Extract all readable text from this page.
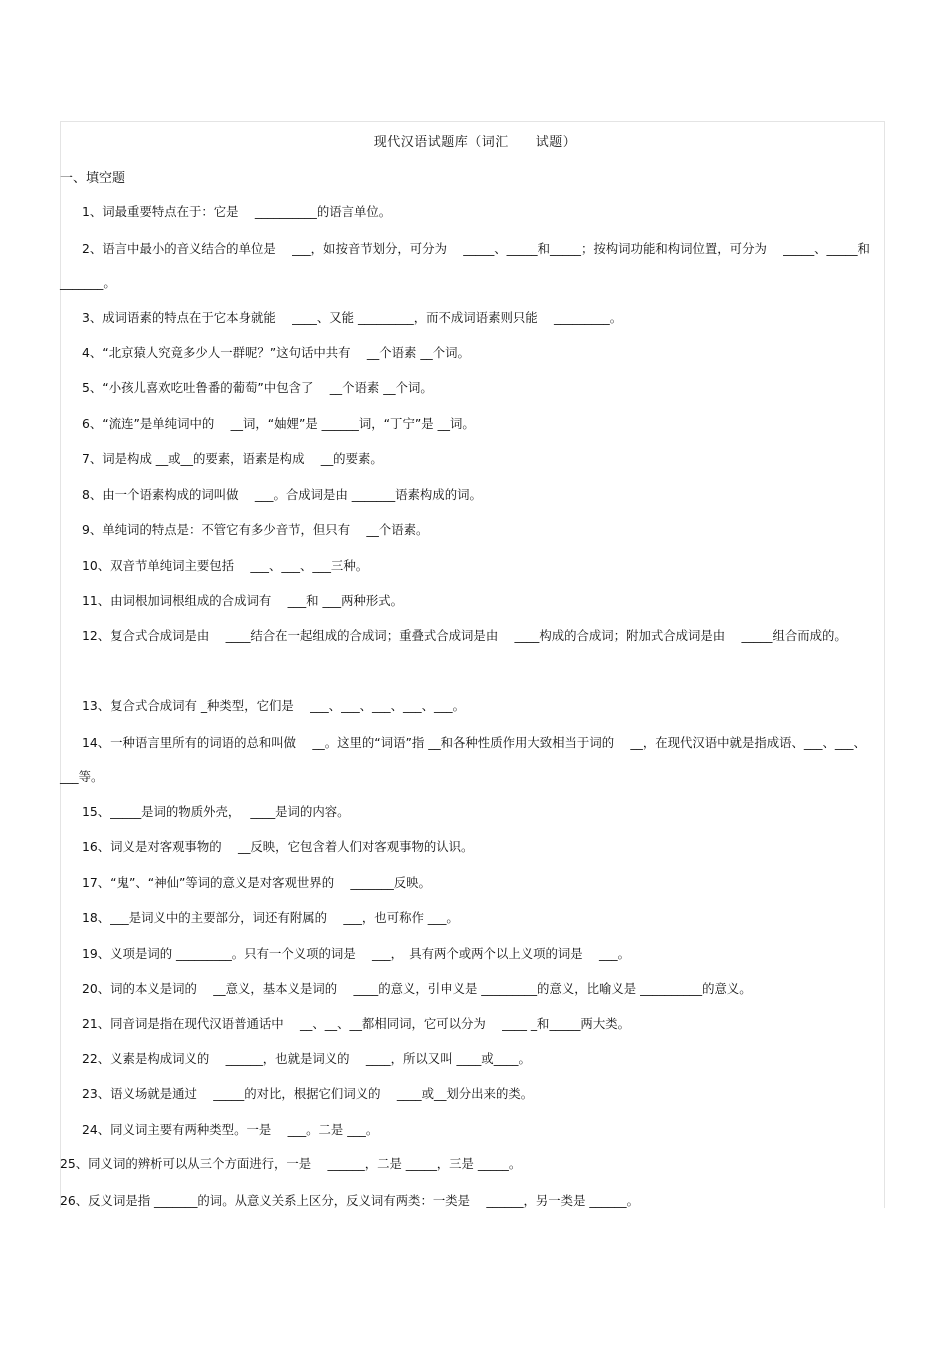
现代汉语试题库（词汇　　试题）
一、填空题
1、词最重要特点在于：它是　 __________的语言单位。
2、语言中最小的音义结合的单位是　 ___，如按音节划分，可分为　 _____、_____和_____；按构词功能和构词位置，可分为　 _____、_____和_______。
3、成词语素的特点在于它本身就能　 ____、又能 _________，而不成词语素则只能　 _________。
4、“北京猿人究竟多少人一群呢？”这句话中共有　 __个语素 __个词。
5、“小孩儿喜欢吃吐鲁番的葡萄”中包含了　 __个语素 __个词。
6、“流连”是单纯词中的　 __词，“妯娌”是 ______词，“丁宁”是 __词。
7、词是构成 __或__的要素，语素是构成　 __的要素。
8、由一个语素构成的词叫做　 ___。合成词是由 _______语素构成的词。
9、单纯词的特点是：不管它有多少音节，但只有　 __个语素。
10、双音节单纯词主要包括　 ___、___、___三种。
11、由词根加词根组成的合成词有　 ___和 ___两种形式。
12、复合式合成词是由　 ____结合在一起组成的合成词；重叠式合成词是由　 ____构成的合成词；附加式合成词是由　 _____组合而成的。
13、复合式合成词有 _种类型，它们是　 ___、___、___、___、___。
14、一种语言里所有的词语的总和叫做　 __。这里的“词语”指 __和各种性质作用大致相当于词的　 __，在现代汉语中就是指成语、___、___、___等。
15、_____是词的物质外壳，　 ____是词的内容。
16、词义是对客观事物的　 __反映，它包含着人们对客观事物的认识。
17、“鬼”、“神仙”等词的意义是对客观世界的　 _______反映。
18、___是词义中的主要部分，词还有附属的　 ___，也可称作 ___。
19、义项是词的 _________。只有一个义项的词是　 ___，　具有两个或两个以上义项的词是　 ___。
20、词的本义是词的　 __意义，基本义是词的　 ____的意义，引申义是 _________的意义，比喻义是 __________的意义。
21、同音词是指在现代汉语普通话中　 __、__、__都相同词，它可以分为　 ____ _和_____两大类。
22、义素是构成词义的　 ______，也就是词义的　 ____，所以又叫 ____或____。
23、语义场就是通过　 _____的对比，根据它们词义的　 ____或__划分出来的类。
24、同义词主要有两种类型。一是　 ___。二是 ___。
25、同义词的辨析可以从三个方面进行，一是　 ______，二是 _____，三是 _____。
26、反义词是指 _______的词。从意义关系上区分，反义词有两类：一类是　 ______，另一类是 ______。
